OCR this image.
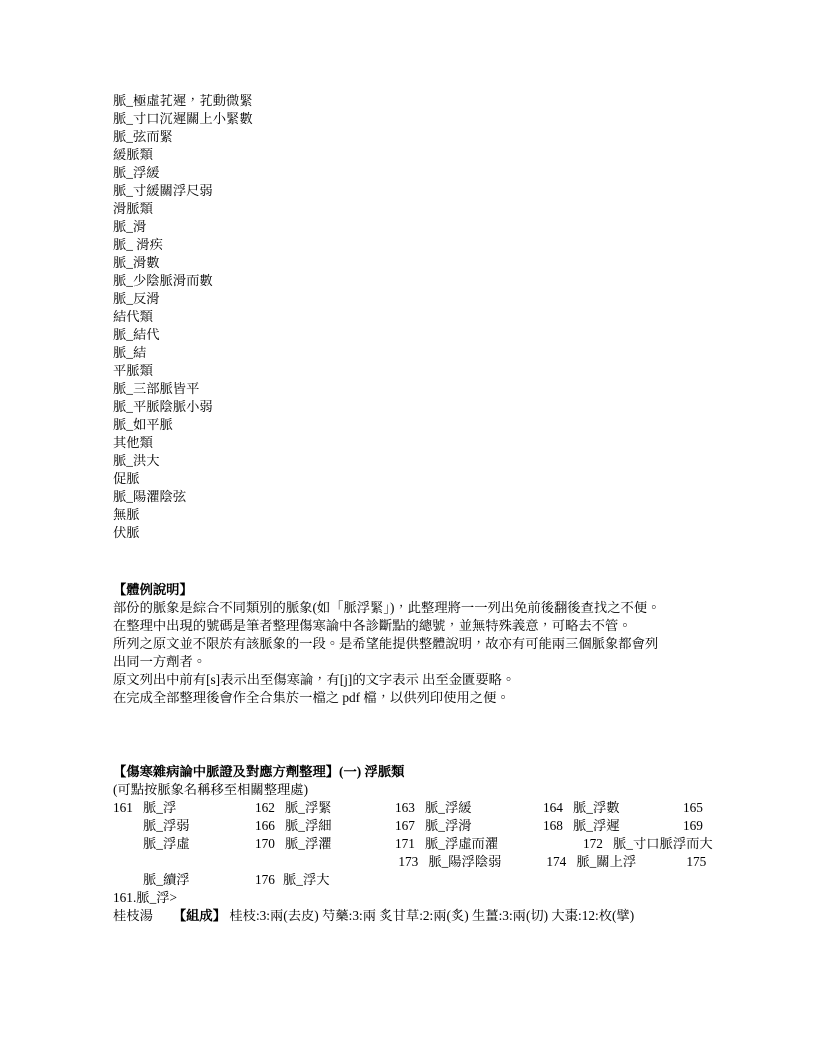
脈_極虛芤遲，芤動微緊
脈_寸口沉遲關上小緊數
脈_弦而緊
緩脈類
脈_浮緩
脈_寸緩關浮尺弱
滑脈類
脈_滑
脈_ 滑疾
脈_滑數
脈_少陰脈滑而數
脈_反滑
結代類
脈_結代
脈_結
平脈類
脈_三部脈皆平
脈_平脈陰脈小弱
脈_如平脈
其他類
脈_洪大
促脈
脈_陽灈陰弦
無脈
伏脈
【體例說明】
部份的脈象是綜合不同類別的脈象(如「脈浮緊」)，此整理將一一列出免前後翻後查找之不便。
在整理中出現的號碼是筆者整理傷寒論中各診斷點的總號，並無特殊義意，可略去不管。
所列之原文並不限於有該脈象的一段。是希望能提供整體說明，故亦有可能兩三個脈象都會列
出同一方劑者。
原文列出中前有[s]表示出至傷寒論，有[j]的文字表示 出至金匱要略。
在完成全部整理後會作全合集於一檔之 pdf 檔，以供列印使用之便。
【傷寒雜病論中脈證及對應方劑整理】(一) 浮脈類
(可點按脈象名稱移至相關整理處)
161 脈_浮	162 脈_浮緊	163 脈_浮緩	164 脈_浮數	165
脈_浮弱	166 脈_浮細	167 脈_浮滑	168 脈_浮遲	169
脈_浮虛	170 脈_浮灈	171 脈_浮虛而灈	172 脈_寸口脈浮而大
173 脈_陽浮陰弱	174 脈_關上浮	175
脈_續浮	176 脈_浮大
161.脈_浮>
桂枝湯　　 【組成】 桂枝:3:兩(去皮) 芍藥:3:兩 炙甘草:2:兩(炙) 生薑:3:兩(切) 大棗:12:枚(擘)
